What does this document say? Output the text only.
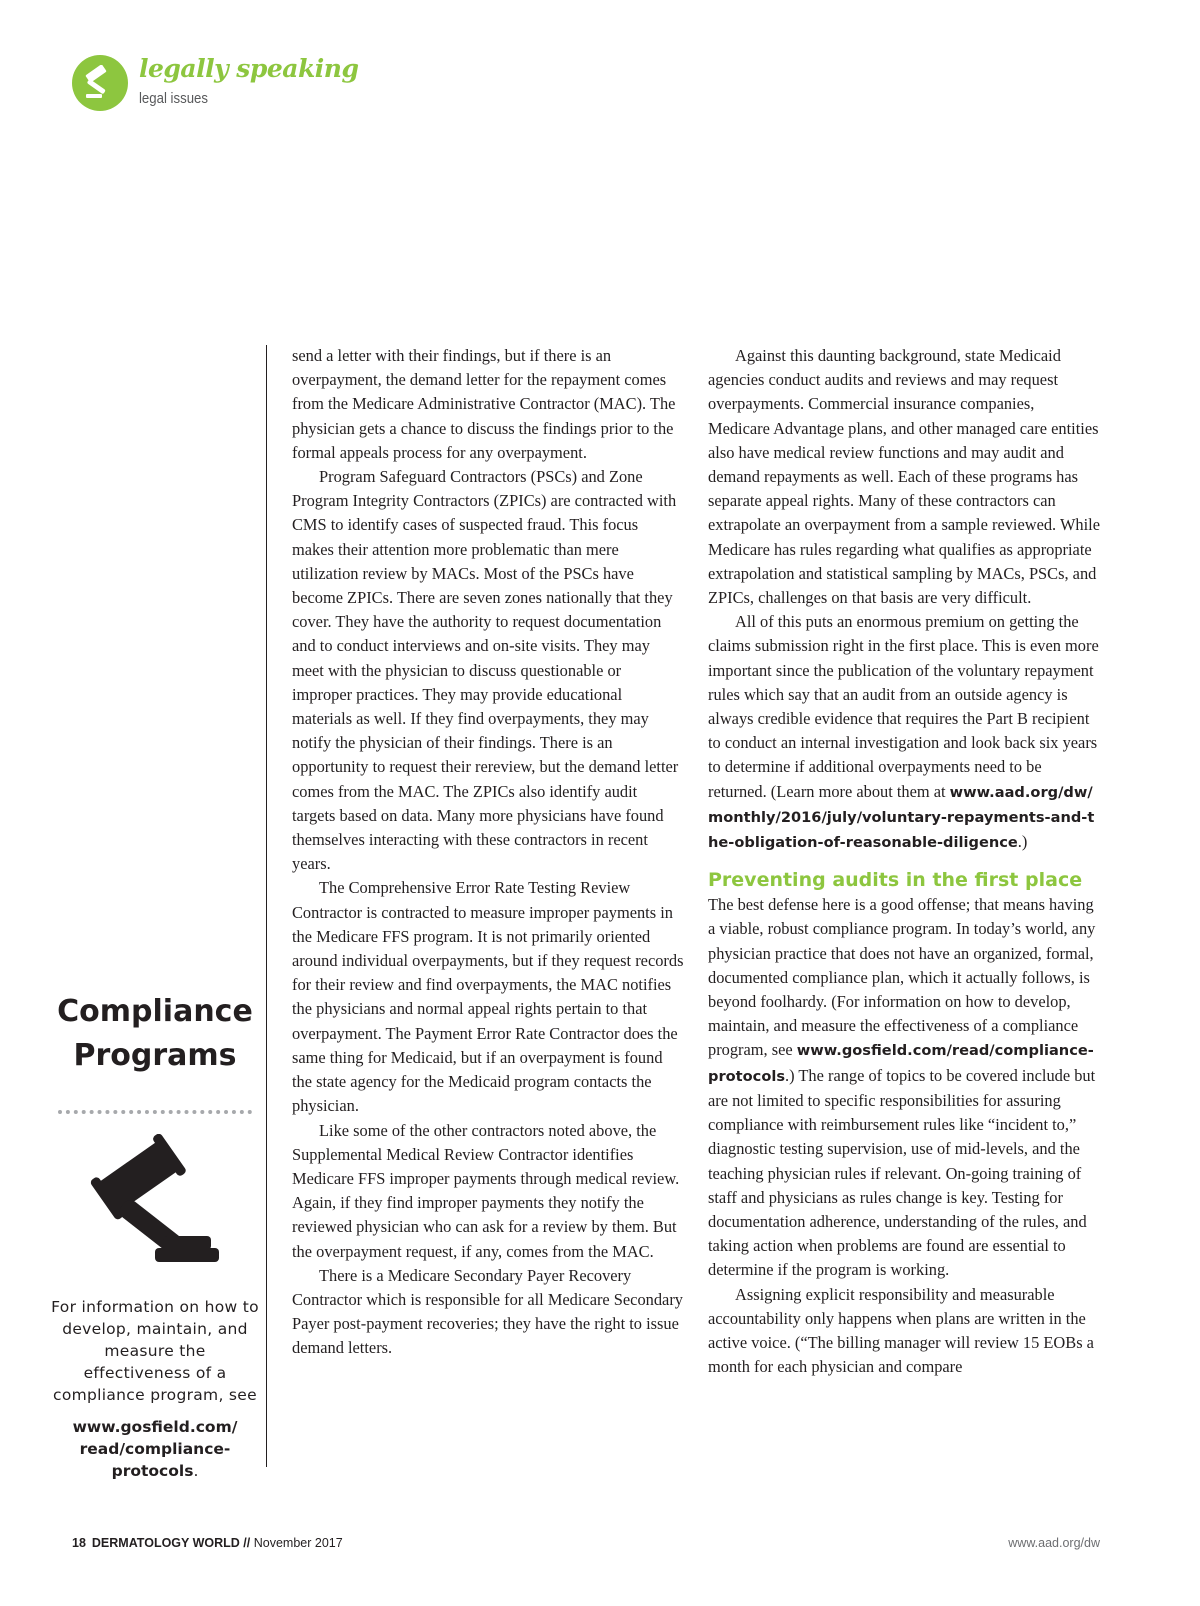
legally speaking
legal issues
Compliance
Programs
For information on how to develop, maintain, and measure the effectiveness of a compliance program, see
www.gosfield.com/
read/compliance-
protocols.

send a letter with their findings, but if there is an overpayment, the demand letter for the repayment comes from the Medicare Administrative Contractor (MAC). The physician gets a chance to discuss the findings prior to the formal appeals process for any overpayment.

Program Safeguard Contractors (PSCs) and Zone Program Integrity Contractors (ZPICs) are contracted with CMS to identify cases of suspected fraud. This focus makes their attention more problematic than mere utilization review by MACs. Most of the PSCs have become ZPICs. There are seven zones nationally that they cover. They have the authority to request documentation and to conduct interviews and on-site visits. They may meet with the physician to discuss questionable or improper practices. They may provide educational materials as well. If they find overpayments, they may notify the physician of their findings. There is an opportunity to request their rereview, but the demand letter comes from the MAC. The ZPICs also identify audit targets based on data. Many more physicians have found themselves interacting with these contractors in recent years.

The Comprehensive Error Rate Testing Review Contractor is contracted to measure improper payments in the Medicare FFS program. It is not primarily oriented around individual overpayments, but if they request records for their review and find overpayments, the MAC notifies the physicians and normal appeal rights pertain to that overpayment. The Payment Error Rate Contractor does the same thing for Medicaid, but if an overpayment is found the state agency for the Medicaid program contacts the physician.

Like some of the other contractors noted above, the Supplemental Medical Review Contractor identifies Medicare FFS improper payments through medical review. Again, if they find improper payments they notify the reviewed physician who can ask for a review by them. But the overpayment request, if any, comes from the MAC.

There is a Medicare Secondary Payer Recovery Contractor which is responsible for all Medicare Secondary Payer post-payment recoveries; they have the right to issue demand letters.

Against this daunting background, state Medicaid agencies conduct audits and reviews and may request overpayments. Commercial insurance companies, Medicare Advantage plans, and other managed care entities also have medical review functions and may audit and demand repayments as well. Each of these programs has separate appeal rights. Many of these contractors can extrapolate an overpayment from a sample reviewed. While Medicare has rules regarding what qualifies as appropriate extrapolation and statistical sampling by MACs, PSCs, and ZPICs, challenges on that basis are very difficult.

All of this puts an enormous premium on getting the claims submission right in the first place. This is even more important since the publication of the voluntary repayment rules which say that an audit from an outside agency is always credible evidence that requires the Part B recipient to conduct an internal investigation and look back six years to determine if additional overpayments need to be returned. (Learn more about them at www.aad.org/dw/monthly/2016/july/voluntary-repayments-and-the-obligation-of-reasonable-diligence.)

Preventing audits in the first place

The best defense here is a good offense; that means having a viable, robust compliance program. In today’s world, any physician practice that does not have an organized, formal, documented compliance plan, which it actually follows, is beyond foolhardy. (For information on how to develop, maintain, and measure the effectiveness of a compliance program, see www.gosfield.com/read/compliance-protocols.) The range of topics to be covered include but are not limited to specific responsibilities for assuring compliance with reimbursement rules like “incident to,” diagnostic testing supervision, use of mid-levels, and the teaching physician rules if relevant. On-going training of staff and physicians as rules change is key. Testing for documentation adherence, understanding of the rules, and taking action when problems are found are essential to determine if the program is working.

Assigning explicit responsibility and measurable accountability only happens when plans are written in the active voice. (“The billing manager will review 15 EOBs a month for each physician and compare

18 DERMATOLOGY WORLD // November 2017	www.aad.org/dw
